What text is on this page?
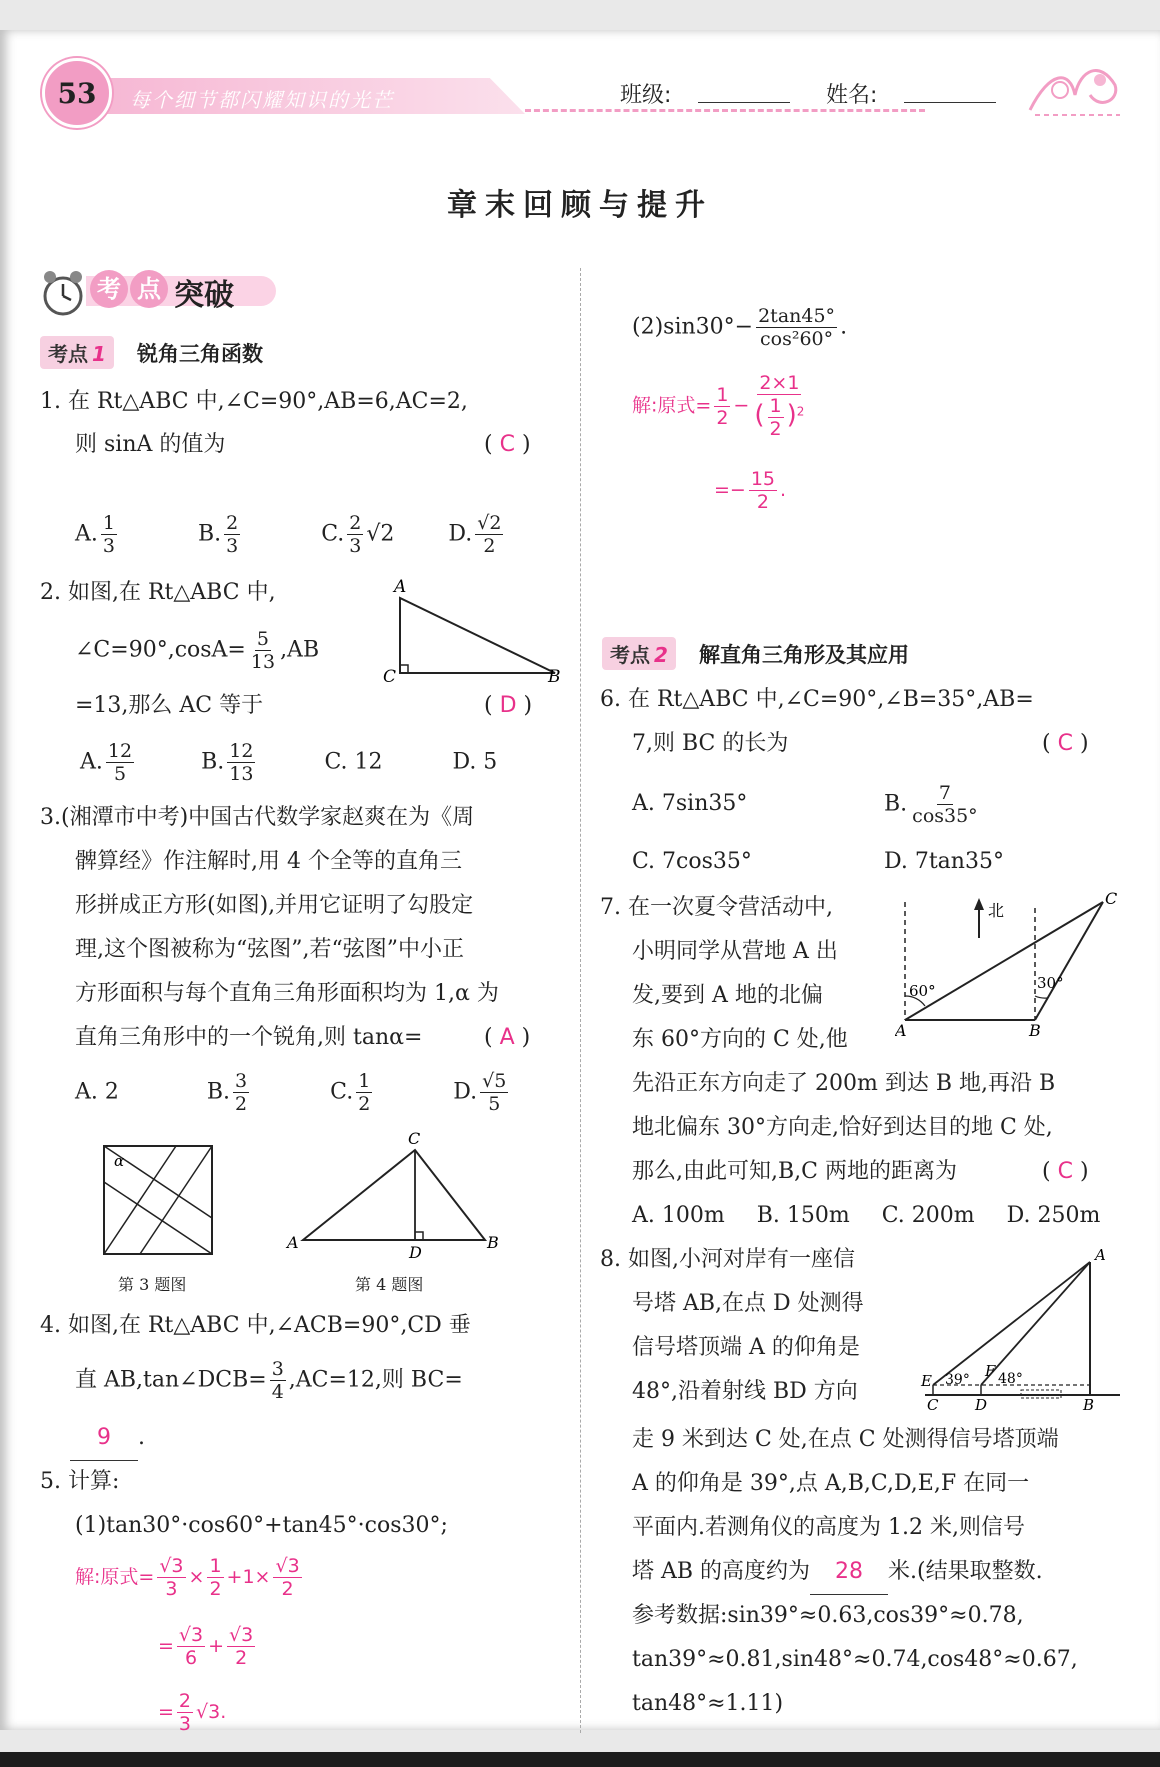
53 每个细节都闪耀知识的光芒	班级:	姓名:
章末回顾与提升
考 点 突破
考点 1 锐角三角函数
1. 在 Rt△ABC 中,∠C=90°,AB=6,AC=2,
则 sinA 的值为	( C )
A. $\frac{1}{3}$	B. $\frac{2}{3}$	C. $\frac{2}{3} √2$ D. $\frac{√2}{2}$
2. 如图,在 Rt△ABC 中,
∠C=90°,cosA= $\frac{5}{13} ,AB$
=13,那么 AC 等于	( D )
A
C	B
A. $\frac{12}{5}$	B. $\frac{12}{13}$	C. 12	D. 5
3.(湘潭市中考)中国古代数学家赵爽在为《周
髀算经》作注解时,用 4 个全等的直角三
形拼成正方形(如图),并用它证明了勾股定
理,这个图被称为“弦图”,若“弦图”中小正
方形面积与每个直角三角形面积均为 1,α 为
直角三角形中的一个锐角,则 tanα=	( A )
A. 2	B. $\frac{3}{2}$	C. $\frac{1}{2}$	D. $\frac{√5}{5}$
α
第 3 题图
C
A	B
D
第 4 题图
4. 如图,在 Rt△ABC 中,∠ACB=90°,CD 垂
直 AB,tan∠DCB= $\frac{3}{4} ,AC=12$,则 BC=
9 .
5. 计算:
(1)tan30°·cos60°+tan45°·cos30°;
解:原式= $\frac{√3}{3} \times \frac{1}{2} +1\times \frac{√3}{2}$
= $\frac{√3}{6} + \frac{√3}{2}$
= $\frac{2}{3} √3$.
$(2)\sin 30^\circ- \frac{2\tan 45^\circ}{\text{cos²60°}}$ .
解:原式= $\frac{1}{2} - \frac{2\times 1}{( \frac{1}{2} )^2}$
=− $\frac{15}{2}$ .
考点 2 解直角三角形及其应用
6. 在 Rt△ABC 中,∠C=90°,∠B=35°,AB=
7,则 BC 的长为	( C )
A. 7sin35°	B. $\frac{7}{\cos 35^\circ}$
C. 7cos35°	D. 7tan35°
7. 在一次夏令营活动中,
小明同学从营地 A 出
发,要到 A 地的北偏
东 60°方向的 C 处,他
先沿正东方向走了 200m 到达 B 地,再沿 B
地北偏东 30°方向走,恰好到达目的地 C 处,
那么,由此可知,B,C 两地的距离为	( C )
A. 100m B. 150m C. 200m D. 250m
北
60°	30°
A	B
C
8. 如图,小河对岸有一座信
号塔 AB,在点 D 处测得
信号塔顶端 A 的仰角是
48°,沿着射线 BD 方向
走 9 米到达 C 处,在点 C 处测得信号塔顶端
A 的仰角是 39°,点 A,B,C,D,E,F 在同一
平面内.若测角仪的高度为 1.2 米,则信号
塔 AB 的高度约为 28 米.(结果取整数.
参考数据:sin39°≈0.63,cos39°≈0.78,
tan39°≈0.81,sin48°≈0.74,cos48°≈0.67,
tan48°≈1.11)
A
B
C D
E
F
39° 48°
